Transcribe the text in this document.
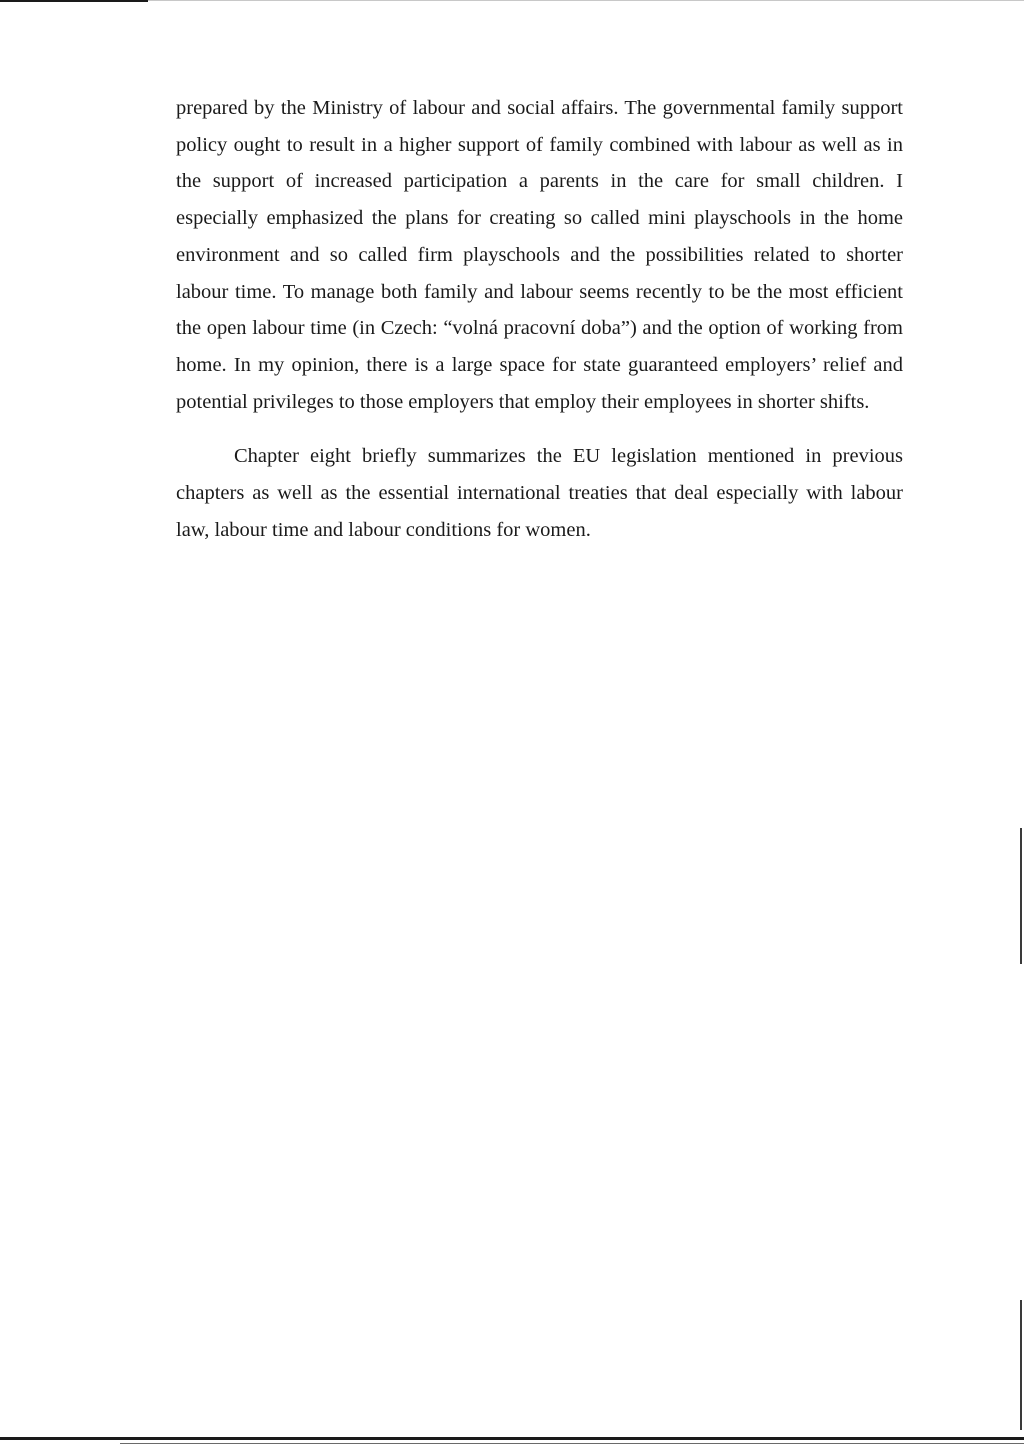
prepared by the Ministry of labour and social affairs. The governmental family support policy ought to result in a higher support of family combined with labour as well as in the support of increased participation a parents in the care for small children. I especially emphasized the plans for creating so called mini playschools in the home environment and so called firm playschools and the possibilities related to shorter labour time. To manage both family and labour seems recently to be the most efficient the open labour time (in Czech: “volná pracovní doba”) and the option of working from home. In my opinion, there is a large space for state guaranteed employers’ relief and potential privileges to those employers that employ their employees in shorter shifts.

Chapter eight briefly summarizes the EU legislation mentioned in previous chapters as well as the essential international treaties that deal especially with labour law, labour time and labour conditions for women.
